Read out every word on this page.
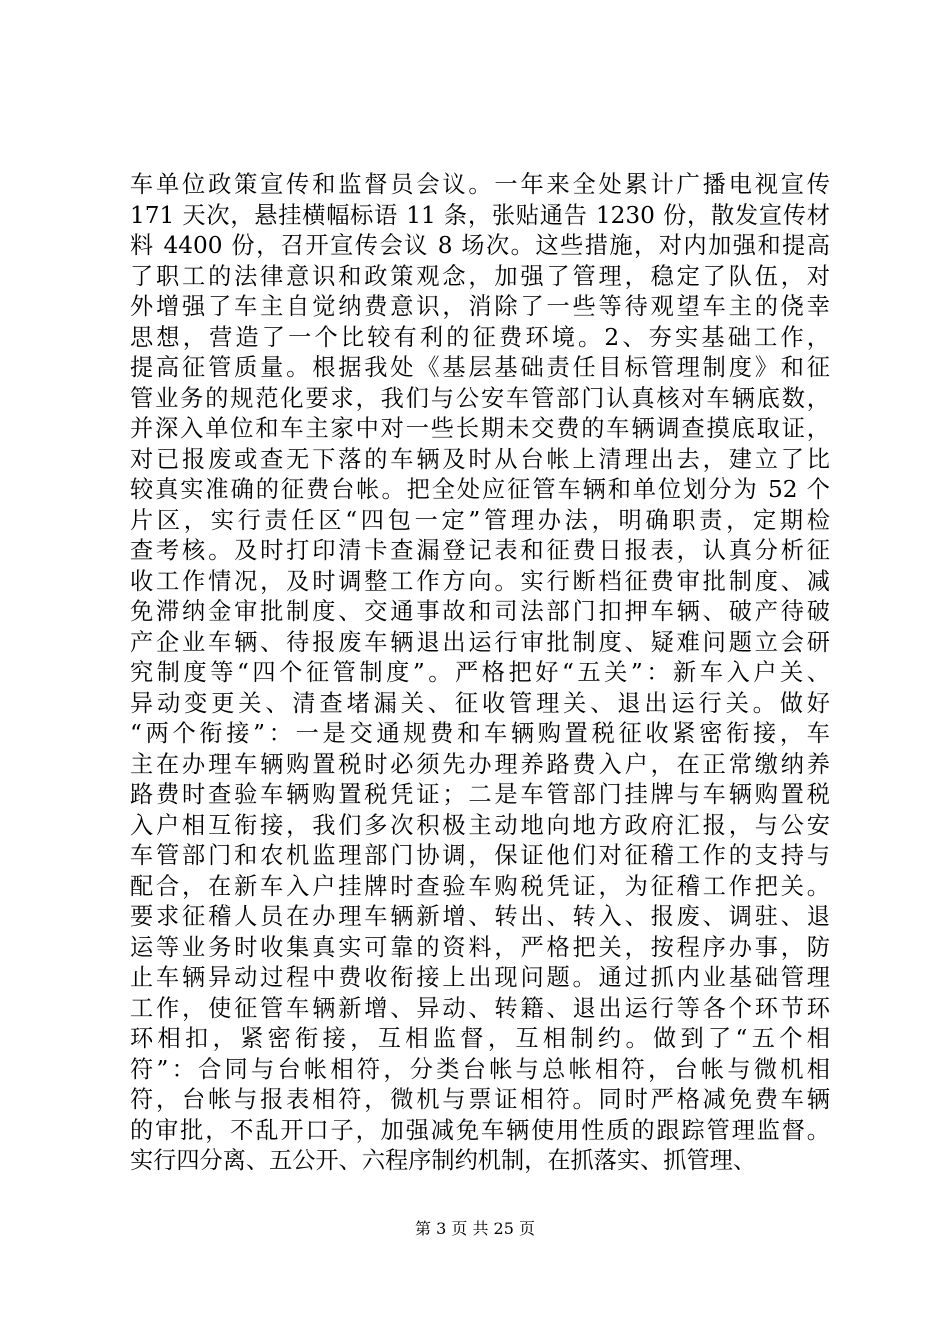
车单位政策宣传和监督员会议。一年来全处累计广播电视宣传
171 天次，悬挂横幅标语 11 条，张贴通告 1230 份，散发宣传材
料 4400 份，召开宣传会议 8 场次。这些措施，对内加强和提高
了职工的法律意识和政策观念，加强了管理，稳定了队伍，对
外增强了车主自觉纳费意识，消除了一些等待观望车主的侥幸
思想，营造了一个比较有利的征费环境。2、夯实基础工作，
提高征管质量。根据我处《基层基础责任目标管理制度》和征
管业务的规范化要求，我们与公安车管部门认真核对车辆底数，
并深入单位和车主家中对一些长期未交费的车辆调查摸底取证，
对已报废或查无下落的车辆及时从台帐上清理出去，建立了比
较真实准确的征费台帐。把全处应征管车辆和单位划分为 52 个
片区，实行责任区“四包一定”管理办法，明确职责，定期检
查考核。及时打印清卡查漏登记表和征费日报表，认真分析征
收工作情况，及时调整工作方向。实行断档征费审批制度、减
免滞纳金审批制度、交通事故和司法部门扣押车辆、破产待破
产企业车辆、待报废车辆退出运行审批制度、疑难问题立会研
究制度等“四个征管制度”。严格把好“五关”：新车入户关、
异动变更关、清查堵漏关、征收管理关、退出运行关。做好
“两个衔接”：一是交通规费和车辆购置税征收紧密衔接，车
主在办理车辆购置税时必须先办理养路费入户，在正常缴纳养
路费时查验车辆购置税凭证；二是车管部门挂牌与车辆购置税
入户相互衔接，我们多次积极主动地向地方政府汇报，与公安
车管部门和农机监理部门协调，保证他们对征稽工作的支持与
配合，在新车入户挂牌时查验车购税凭证，为征稽工作把关。
要求征稽人员在办理车辆新增、转出、转入、报废、调驻、退
运等业务时收集真实可靠的资料，严格把关，按程序办事，防
止车辆异动过程中费收衔接上出现问题。通过抓内业基础管理
工作，使征管车辆新增、异动、转籍、退出运行等各个环节环
环相扣，紧密衔接，互相监督，互相制约。做到了“五个相
符”：合同与台帐相符，分类台帐与总帐相符，台帐与微机相
符，台帐与报表相符，微机与票证相符。同时严格减免费车辆
的审批，不乱开口子，加强减免车辆使用性质的跟踪管理监督。
实行四分离、五公开、六程序制约机制，在抓落实、抓管理、
第 3 页 共 25 页
